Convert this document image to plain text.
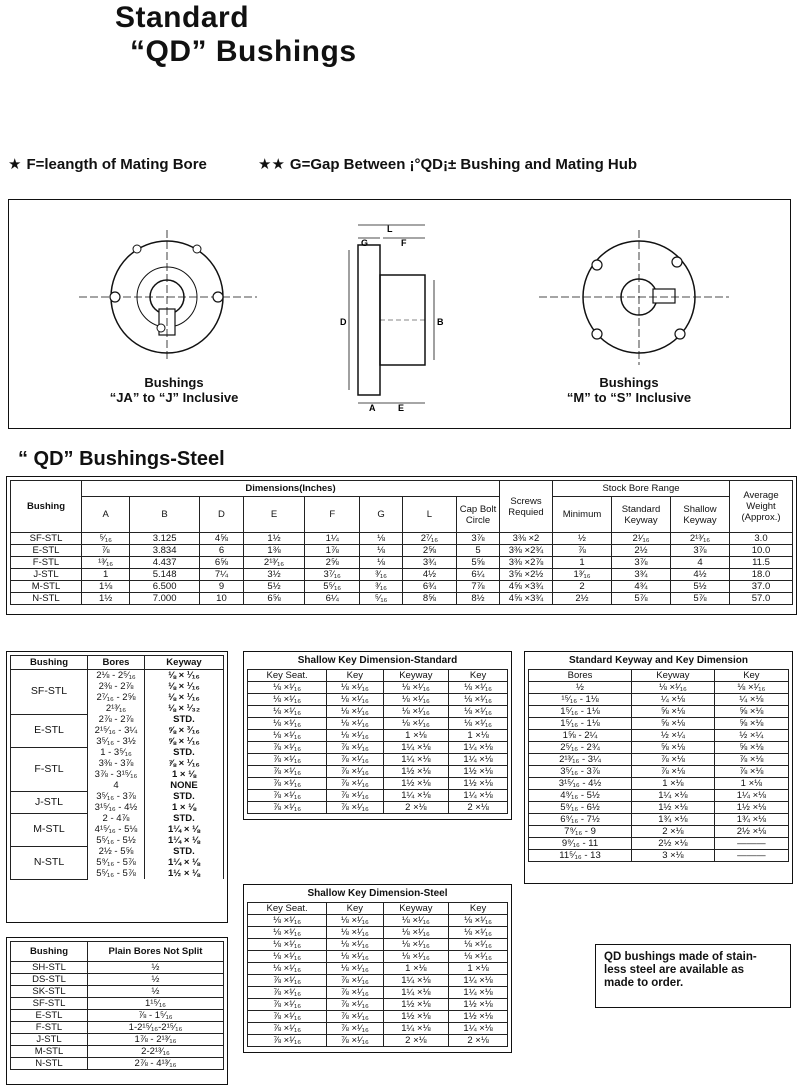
Standard
“QD” Bushings
★ F=leangth of Mating Bore	★★ G=Gap Between ¡°QD¡± Bushing and Mating Hub
L
G	F
D	B
A	E
Bushings
“JA” to “J” Inclusive
Bushings
“M” to “S” Inclusive
“ QD” Bushings-Steel
Bushing	Dimensions(Inches)								Screws Requied	Stock Bore Range			Average Weight (Approx.)
	A	B	D	E	F	G	L	Cap Bolt Circle		Minimum	Standard Keyway	Shallow Keyway	
SF-STL	⁵⁄₁₆	3.125	4⅝	1½	1¼	⅛	2⁷⁄₁₆	3⅞	3⅜ ×2	½	2¹⁄₁₆	2¹³⁄₁₆	3.0
E-STL	⅞	3.834	6	1⅜	1⅞	⅛	2⅝	5	3⅜ ×2¾	⅞	2½	3⅞	10.0
F-STL	¹³⁄₁₆	4.437	6⅝	2¹³⁄₁₆	2⅝	⅛	3¾	5⅝	3⅜ ×2⅞	1	3⅞	4	11.5
J-STL	1	5.148	7¼	3½	3⁷⁄₁₆	³⁄₁₆	4½	6¼	3⅝ ×2½	1³⁄₁₆	3¾	4½	18.0
M-STL	1⅛	6.500	9	5½	5⁵⁄₁₆	³⁄₁₆	6¾	7⅞	4⅝ ×3¾	2	4¾	5½	37.0
N-STL	1½	7.000	10	6⅝	6¼	⁵⁄₁₆	8⅝	8½	4⅝ ×3¾	2½	5⅞	5⅞	57.0
Bushing	Bores	Keyway
SF-STL	2⅛ - 2⁵⁄₁₆	⅛ × ¹⁄₁₆
	2⅜ - 2⅞	⅛ × ¹⁄₁₆
	2⁷⁄₁₆ - 2⅝	⅛ × ¹⁄₁₆
	2¹³⁄₁₆	⅛ × ¹⁄₃₂
E-STL	2⅞ - 2⅞	STD.
	2¹⁵⁄₁₆ - 3¼	⅝ × ³⁄₁₆
	3⁵⁄₁₆ - 3½	⅝ × ¹⁄₁₆
F-STL	1 - 3⁵⁄₁₆	STD.
	3⅜ - 3⅞	⅞ × ¹⁄₁₆
	3⅞ - 3¹⁵⁄₁₆	1 × ⅛
	4	NONE
J-STL	3⁵⁄₁₆ - 3⅞	STD.
	3¹⁵⁄₁₆ - 4½	1 × ⅛
M-STL	2 - 4⅞	STD.
	4¹⁵⁄₁₆ - 5⅛	1¼ × ⅛
	5⁵⁄₁₆ - 5½	1¼ × ⅛
N-STL	2½ - 5⅝	STD.
	5⁹⁄₁₆ - 5⅞	1¼ × ⅛
	5⁵⁄₁₆ - 5⅞	1½ × ⅛
Bushing	Plain Bores Not Split
SH-STL	½
DS-STL	½
SK-STL	½
SF-STL	1¹⁵⁄₁₆
E-STL	⅞ - 1⁵⁄₁₆
F-STL	1-2¹⁵⁄₁₆-2¹⁵⁄₁₆
J-STL	1⅞ - 2¹³⁄₁₆
M-STL	2-2¹³⁄₁₆
N-STL	2⅞ - 4¹³⁄₁₆
Shallow Key Dimension-Standard
Key Seat.	Key	Keyway	Key
⅛ ×¹⁄₁₆	⅛ ×¹⁄₁₆	⅛ ×¹⁄₁₆	⅛ ×¹⁄₁₆
⅛ ×¹⁄₁₆	⅛ ×¹⁄₁₆	⅛ ×¹⁄₁₆	⅛ ×¹⁄₁₆
⅛ ×¹⁄₁₆	⅛ ×¹⁄₁₆	⅛ ×¹⁄₁₆	⅛ ×¹⁄₁₆
⅛ ×¹⁄₁₆	⅛ ×¹⁄₁₆	⅛ ×¹⁄₁₆	⅛ ×¹⁄₁₆
⅛ ×¹⁄₁₆	⅛ ×¹⁄₁₆	1 ×⅛	1 ×⅛
⅞ ×¹⁄₁₆	⅞ ×¹⁄₁₆	1¼ ×⅛	1¼ ×⅛
⅞ ×¹⁄₁₆	⅞ ×¹⁄₁₆	1¼ ×⅛	1¼ ×⅛
⅞ ×¹⁄₁₆	⅞ ×¹⁄₁₆	1½ ×⅛	1½ ×⅛
⅞ ×¹⁄₁₆	⅞ ×¹⁄₁₆	1½ ×⅛	1½ ×⅛
⅞ ×¹⁄₁₆	⅞ ×¹⁄₁₆	1¼ ×⅛	1¼ ×⅛
⅞ ×¹⁄₁₆	⅞ ×¹⁄₁₆	2 ×⅛	2 ×⅛
Shallow Key Dimension-Steel
Key Seat.	Key	Keyway	Key
⅛ ×¹⁄₁₆	⅛ ×¹⁄₁₆	⅛ ×¹⁄₁₆	⅛ ×¹⁄₁₆
⅛ ×¹⁄₁₆	⅛ ×¹⁄₁₆	⅛ ×¹⁄₁₆	⅛ ×¹⁄₁₆
⅛ ×¹⁄₁₆	⅛ ×¹⁄₁₆	⅛ ×¹⁄₁₆	⅛ ×¹⁄₁₆
⅛ ×¹⁄₁₆	⅛ ×¹⁄₁₆	⅛ ×¹⁄₁₆	⅛ ×¹⁄₁₆
⅛ ×¹⁄₁₆	⅛ ×¹⁄₁₆	1 ×⅛	1 ×⅛
⅞ ×¹⁄₁₆	⅞ ×¹⁄₁₆	1¼ ×⅛	1¼ ×⅛
⅞ ×¹⁄₁₆	⅞ ×¹⁄₁₆	1¼ ×⅛	1¼ ×⅛
⅞ ×¹⁄₁₆	⅞ ×¹⁄₁₆	1½ ×⅛	1½ ×⅛
⅞ ×¹⁄₁₆	⅞ ×¹⁄₁₆	1½ ×⅛	1½ ×⅛
⅞ ×¹⁄₁₆	⅞ ×¹⁄₁₆	1¼ ×⅛	1¼ ×⅛
⅞ ×¹⁄₁₆	⅞ ×¹⁄₁₆	2 ×⅛	2 ×⅛
Standard Keyway and Key Dimension
Bores	Keyway	Key
½	⅛ ×¹⁄₁₆	⅛ ×¹⁄₁₆
¹⁵⁄₁₆ - 1⅛	¼ ×⅛	¼ ×⅛
1⁵⁄₁₆ - 1⅛	⅝ ×⅛	⅝ ×⅛
1⁵⁄₁₆ - 1⅛	⅝ ×⅛	⅝ ×⅛
1⅝ - 2¼	½ ×¼	½ ×¼
2⁵⁄₁₆ - 2¾	⅝ ×⅛	⅝ ×⅛
2¹³⁄₁₆ - 3¼	⅞ ×⅛	⅞ ×⅛
3⁵⁄₁₆ - 3⅞	⅞ ×⅛	⅞ ×⅛
3¹⁵⁄₁₆ - 4½	1 ×⅛	1 ×⅛
4⁹⁄₁₆ - 5½	1¼ ×⅛	1¼ ×⅛
5⁹⁄₁₆ - 6½	1½ ×⅛	1½ ×⅛
6⁹⁄₁₆ - 7½	1¾ ×⅛	1¾ ×⅛
7⁹⁄₁₆ - 9	2 ×⅛	2½ ×⅛
9⁹⁄₁₆ - 11	2½ ×⅛	———
11⁵⁄₁₆ - 13	3 ×⅛	———
QD bushings made of stain-
less steel are available as
made to order.
